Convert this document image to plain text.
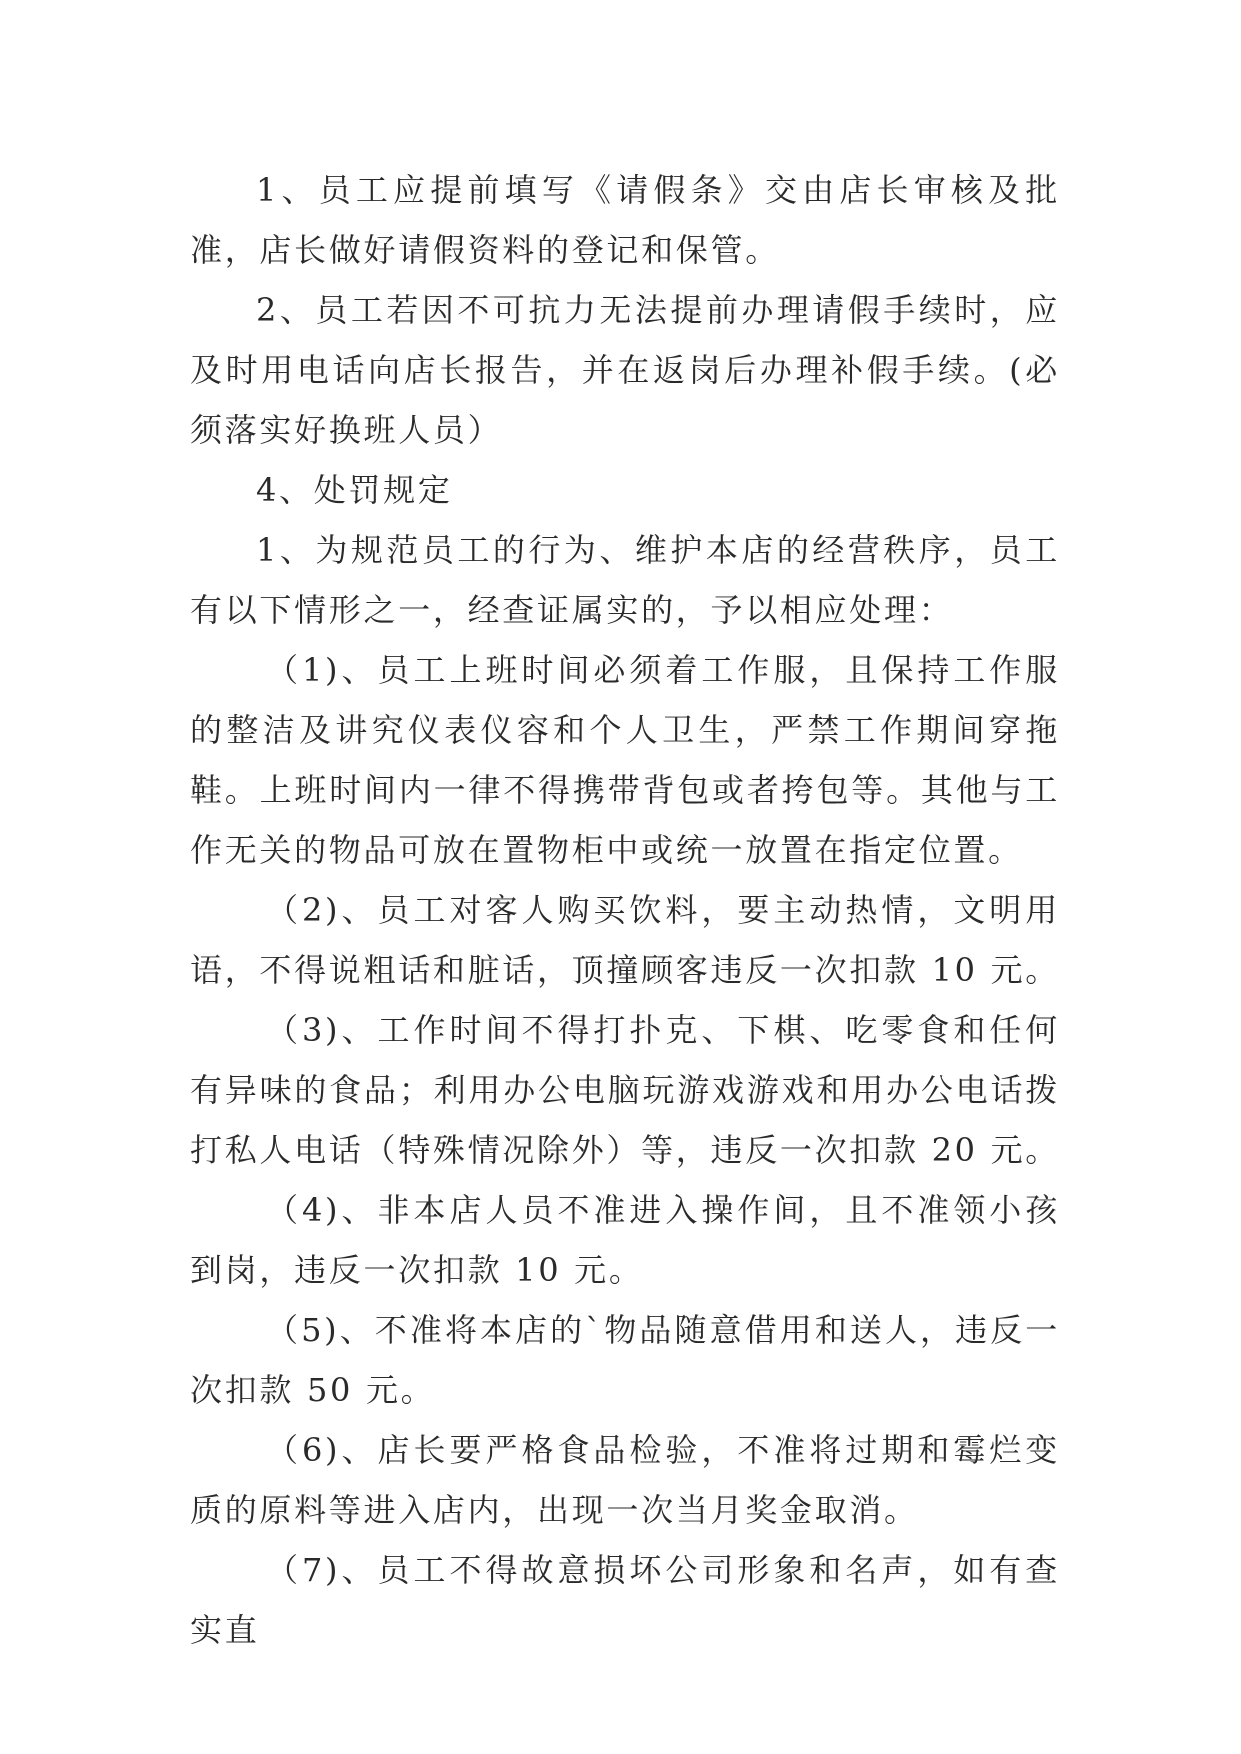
1、员工应提前填写《请假条》交由店长审核及批准，店长做好请假资料的登记和保管。

2、员工若因不可抗力无法提前办理请假手续时，应及时用电话向店长报告，并在返岗后办理补假手续。(必须落实好换班人员）

4、处罚规定

1、为规范员工的行为、维护本店的经营秩序，员工有以下情形之一，经查证属实的，予以相应处理：

（1)、员工上班时间必须着工作服，且保持工作服的整洁及讲究仪表仪容和个人卫生，严禁工作期间穿拖鞋。上班时间内一律不得携带背包或者挎包等。其他与工作无关的物品可放在置物柜中或统一放置在指定位置。

（2)、员工对客人购买饮料，要主动热情，文明用语，不得说粗话和脏话，顶撞顾客违反一次扣款 10 元。

（3)、工作时间不得打扑克、下棋、吃零食和任何有异味的食品；利用办公电脑玩游戏游戏和用办公电话拨打私人电话（特殊情况除外）等，违反一次扣款 20 元。

（4)、非本店人员不准进入操作间，且不准领小孩到岗，违反一次扣款 10 元。

（5)、不准将本店的`物品随意借用和送人，违反一次扣款 50 元。

（6)、店长要严格食品检验，不准将过期和霉烂变质的原料等进入店内，出现一次当月奖金取消。

（7)、员工不得故意损坏公司形象和名声，如有查实直
